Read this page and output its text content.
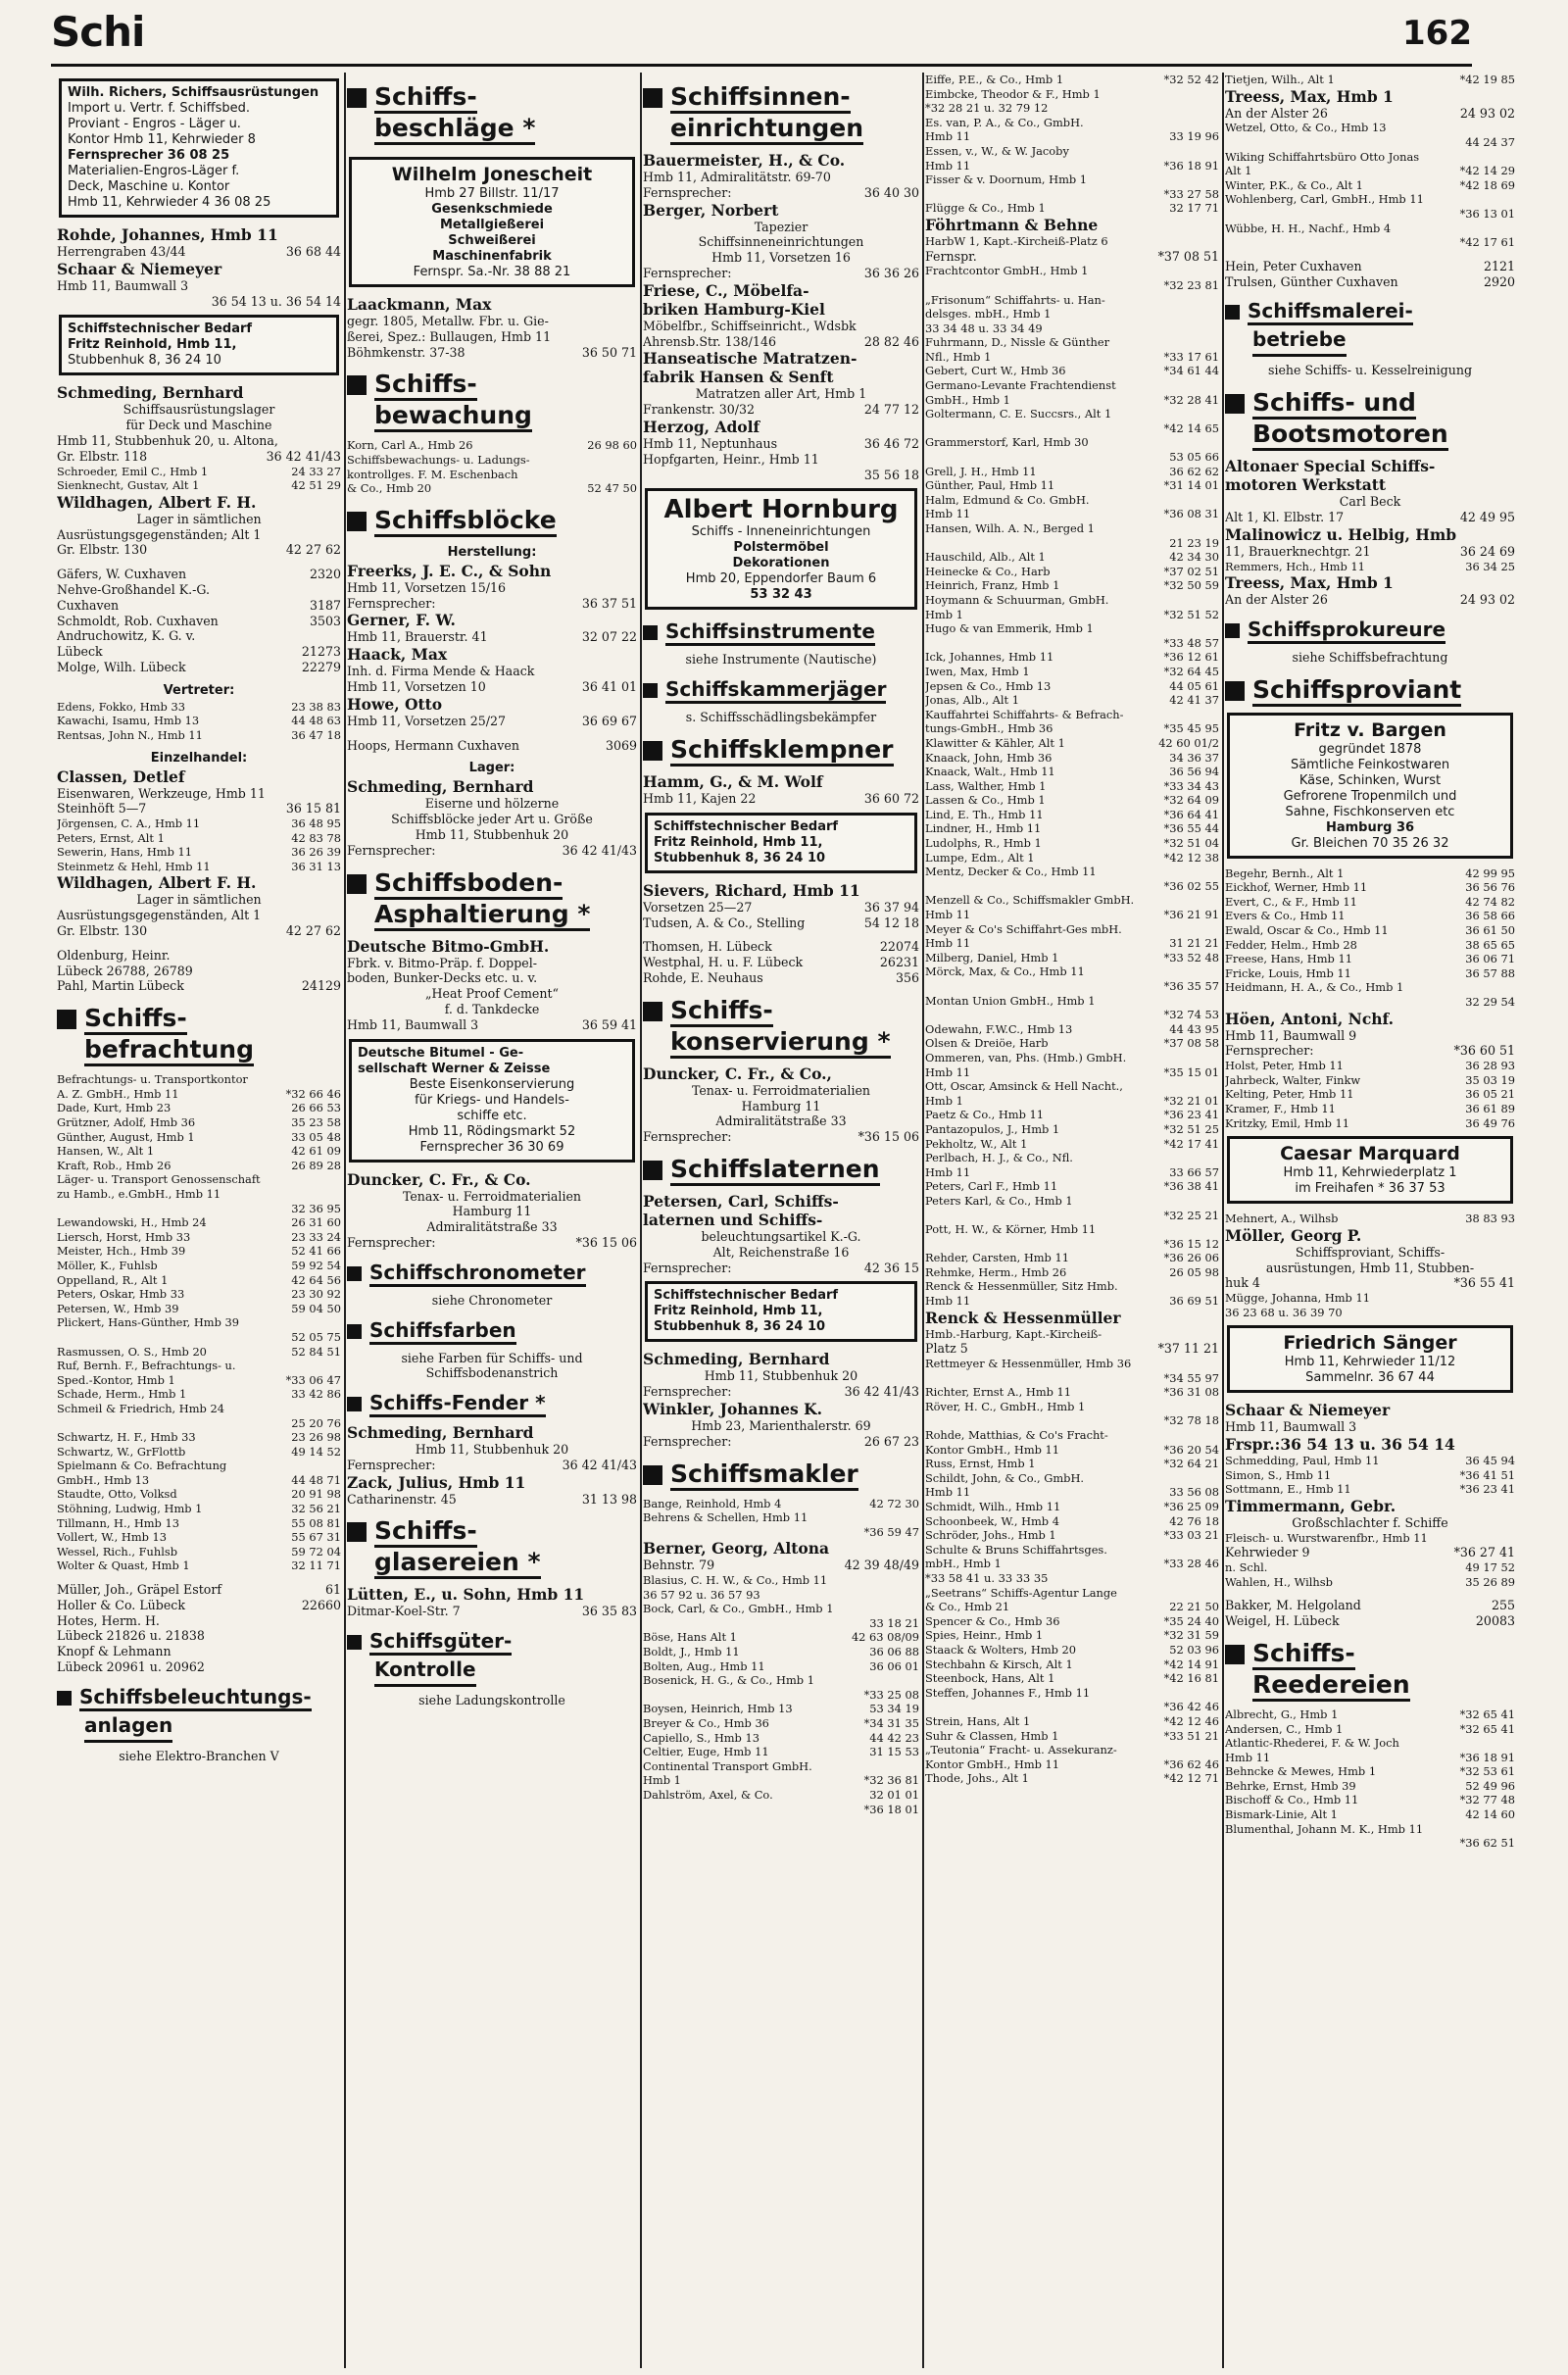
Schi	162
Wilh. Richers, Schiffsausrüstungen
Import u. Vertr. f. Schiffsbed.
Proviant - Engros - Läger u.
Kontor Hmb 11, Kehrwieder 8
Fernsprecher 36 08 25
Materialien-Engros-Läger f.
Deck, Maschine u. Kontor
Hmb 11, Kehrwieder 4 36 08 25
Rohde, Johannes, Hmb 11
Herrengraben 43/44	36 68 44
Schaar & Niemeyer
Hmb 11, Baumwall 3
36 54 13 u. 36 54 14
Schiffstechnischer Bedarf
Fritz Reinhold, Hmb 11,
Stubbenhuk 8, 36 24 10
Schmeding, Bernhard
Schiffsausrüstungslager
für Deck und Maschine
Hmb 11, Stubbenhuk 20, u. Altona,
Gr. Elbstr. 118	36 42 41/43
Schroeder, Emil C., Hmb 1	24 33 27
Sienknecht, Gustav, Alt 1	42 51 29
Wildhagen, Albert F. H.
Lager in sämtlichen
Ausrüstungsgegenständen; Alt 1
Gr. Elbstr. 130	42 27 62
Gäfers, W. Cuxhaven	2320
Nehve-Großhandel K.-G.
Cuxhaven	3187
Schmoldt, Rob. Cuxhaven	3503
Andruchowitz, K. G. v.
Lübeck	21273
Molge, Wilh. Lübeck	22279
Vertreter:
Edens, Fokko, Hmb 33	23 38 83
Kawachi, Isamu, Hmb 13	44 48 63
Rentsas, John N., Hmb 11	36 47 18
Einzelhandel:
Classen, Detlef
Eisenwaren, Werkzeuge, Hmb 11
Steinhöft 5—7	36 15 81
Jörgensen, C. A., Hmb 11	36 48 95
Peters, Ernst, Alt 1	42 83 78
Sewerin, Hans, Hmb 11	36 26 39
Steinmetz & Hehl, Hmb 11	36 31 13
Wildhagen, Albert F. H.
Lager in sämtlichen
Ausrüstungsgegenständen, Alt 1
Gr. Elbstr. 130	42 27 62
Oldenburg, Heinr.
Lübeck 26788, 26789
Pahl, Martin Lübeck	24129
Schiffs-
befrachtung
Befrachtungs- u. Transportkontor
A. Z. GmbH., Hmb 11	*32 66 46
Dade, Kurt, Hmb 23	26 66 53
Grützner, Adolf, Hmb 36	35 23 58
Günther, August, Hmb 1	33 05 48
Hansen, W., Alt 1	42 61 09
Kraft, Rob., Hmb 26	26 89 28
Läger- u. Transport Genossenschaft
zu Hamb., e.GmbH., Hmb 11
32 36 95
Lewandowski, H., Hmb 24	26 31 60
Liersch, Horst, Hmb 33	23 33 24
Meister, Hch., Hmb 39	52 41 66
Möller, K., Fuhlsb	59 92 54
Oppelland, R., Alt 1	42 64 56
Peters, Oskar, Hmb 33	23 30 92
Petersen, W., Hmb 39	59 04 50
Plickert, Hans-Günther, Hmb 39
52 05 75
Rasmussen, O. S., Hmb 20	52 84 51
Ruf, Bernh. F., Befrachtungs- u.
Sped.-Kontor, Hmb 1	*33 06 47
Schade, Herm., Hmb 1	33 42 86
Schmeil & Friedrich, Hmb 24
25 20 76
Schwartz, H. F., Hmb 33	23 26 98
Schwartz, W., GrFlottb	49 14 52
Spielmann & Co. Befrachtung
GmbH., Hmb 13	44 48 71
Staudte, Otto, Volksd	20 91 98
Stöhning, Ludwig, Hmb 1	32 56 21
Tillmann, H., Hmb 13	55 08 81
Vollert, W., Hmb 13	55 67 31
Wessel, Rich., Fuhlsb	59 72 04
Wolter & Quast, Hmb 1	32 11 71
Müller, Joh., Gräpel Estorf	61
Holler & Co. Lübeck	22660
Hotes, Herm. H.
Lübeck 21826 u. 21838
Knopf & Lehmann
Lübeck 20961 u. 20962
Schiffsbeleuchtungs-
anlagen
siehe Elektro-Branchen V
Schiffs-
beschläge *
Wilhelm Jonescheit
Hmb 27 Billstr. 11/17
Gesenkschmiede
Metallgießerei
Schweißerei
Maschinenfabrik
Fernspr. Sa.-Nr. 38 88 21
Laackmann, Max
gegr. 1805, Metallw. Fbr. u. Gie-
ßerei, Spez.: Bullaugen, Hmb 11
Böhmkenstr. 37-38	36 50 71
Schiffs-
bewachung
Korn, Carl A., Hmb 26	26 98 60
Schiffsbewachungs- u. Ladungs-
kontrollges. F. M. Eschenbach
& Co., Hmb 20	52 47 50
Schiffsblöcke
Herstellung:
Freerks, J. E. C., & Sohn
Hmb 11, Vorsetzen 15/16
Fernsprecher:	36 37 51
Gerner, F. W.
Hmb 11, Brauerstr. 41	32 07 22
Haack, Max
Inh. d. Firma Mende & Haack
Hmb 11, Vorsetzen 10	36 41 01
Howe, Otto
Hmb 11, Vorsetzen 25/27	36 69 67
Hoops, Hermann Cuxhaven	3069
Lager:
Schmeding, Bernhard
Eiserne und hölzerne
Schiffsblöcke jeder Art u. Größe
Hmb 11, Stubbenhuk 20
Fernsprecher:	36 42 41/43
Schiffsboden-
Asphaltierung *
Deutsche Bitmo-GmbH.
Fbrk. v. Bitmo-Präp. f. Doppel-
boden, Bunker-Decks etc. u. v.
„Heat Proof Cement“
f. d. Tankdecke
Hmb 11, Baumwall 3	36 59 41
Deutsche Bitumel - Ge-
sellschaft Werner & Zeisse
Beste Eisenkonservierung
für Kriegs- und Handels-
schiffe etc.
Hmb 11, Rödingsmarkt 52
Fernsprecher 36 30 69
Duncker, C. Fr., & Co.
Tenax- u. Ferroidmaterialien
Hamburg 11
Admiralitätstraße 33
Fernsprecher:	*36 15 06
Schiffschronometer
siehe Chronometer
Schiffsfarben
siehe Farben für Schiffs- und
Schiffsbodenanstrich
Schiffs-Fender *
Schmeding, Bernhard
Hmb 11, Stubbenhuk 20
Fernsprecher:	36 42 41/43
Zack, Julius, Hmb 11
Catharinenstr. 45	31 13 98
Schiffs-
glasereien *
Lütten, E., u. Sohn, Hmb 11
Ditmar-Koel-Str. 7	36 35 83
Schiffsgüter-
Kontrolle
siehe Ladungskontrolle
Schiffsinnen-
einrichtungen
Bauermeister, H., & Co.
Hmb 11, Admiralitätstr. 69-70
Fernsprecher:	36 40 30
Berger, Norbert
Tapezier
Schiffsinneneinrichtungen
Hmb 11, Vorsetzen 16
Fernsprecher:	36 36 26
Friese, C., Möbelfa-
briken Hamburg-Kiel
Möbelfbr., Schiffseinricht., Wdsbk
Ahrensb.Str. 138/146	28 82 46
Hanseatische Matratzen-
fabrik Hansen & Senft
Matratzen aller Art, Hmb 1
Frankenstr. 30/32	24 77 12
Herzog, Adolf
Hmb 11, Neptunhaus	36 46 72
Hopfgarten, Heinr., Hmb 11
35 56 18
Albert Hornburg
Schiffs - Inneneinrichtungen
Polstermöbel
Dekorationen
Hmb 20, Eppendorfer Baum 6
53 32 43
Schiffsinstrumente
siehe Instrumente (Nautische)
Schiffskammerjäger
s. Schiffsschädlingsbekämpfer
Schiffsklempner
Hamm, G., & M. Wolf
Hmb 11, Kajen 22	36 60 72
Schiffstechnischer Bedarf
Fritz Reinhold, Hmb 11,
Stubbenhuk 8, 36 24 10
Sievers, Richard, Hmb 11
Vorsetzen 25—27	36 37 94
Tudsen, A. & Co., Stelling	54 12 18
Thomsen, H. Lübeck	22074
Westphal, H. u. F. Lübeck	26231
Rohde, E. Neuhaus	356
Schiffs-
konservierung *
Duncker, C. Fr., & Co.,
Tenax- u. Ferroidmaterialien
Hamburg 11
Admiralitätstraße 33
Fernsprecher:	*36 15 06
Schiffslaternen
Petersen, Carl, Schiffs-
laternen und Schiffs-
beleuchtungsartikel K.-G.
Alt, Reichenstraße 16
Fernsprecher:	42 36 15
Schiffstechnischer Bedarf
Fritz Reinhold, Hmb 11,
Stubbenhuk 8, 36 24 10
Schmeding, Bernhard
Hmb 11, Stubbenhuk 20
Fernsprecher:	36 42 41/43
Winkler, Johannes K.
Hmb 23, Marienthalerstr. 69
Fernsprecher:	26 67 23
Schiffsmakler
Bange, Reinhold, Hmb 4	42 72 30
Behrens & Schellen, Hmb 11
*36 59 47
Berner, Georg, Altona
Behnstr. 79	42 39 48/49
Blasius, C. H. W., & Co., Hmb 11
36 57 92 u. 36 57 93
Bock, Carl, & Co., GmbH., Hmb 1
33 18 21
Böse, Hans Alt 1	42 63 08/09
Boldt, J., Hmb 11	36 06 88
Bolten, Aug., Hmb 11	36 06 01
Bosenick, H. G., & Co., Hmb 1
*33 25 08
Boysen, Heinrich, Hmb 13	53 34 19
Breyer & Co., Hmb 36	*34 31 35
Capiello, S., Hmb 13	44 42 23
Celtier, Euge, Hmb 11	31 15 53
Continental Transport GmbH.
Hmb 1	*32 36 81
Dahlström, Axel, & Co.	32 01 01
*36 18 01
Eiffe, P.E., & Co., Hmb 1	*32 52 42
Eimbcke, Theodor & F., Hmb 1
*32 28 21 u. 32 79 12
Es. van, P. A., & Co., GmbH.
Hmb 11	33 19 96
Essen, v., W., & W. Jacoby
Hmb 11	*36 18 91
Fisser & v. Doornum, Hmb 1
*33 27 58
Flügge & Co., Hmb 1	32 17 71
Föhrtmann & Behne
HarbW 1, Kapt.-Kircheiß-Platz 6
Fernspr.	*37 08 51
Frachtcontor GmbH., Hmb 1
*32 23 81
„Frisonum“ Schiffahrts- u. Han-
delsges. mbH., Hmb 1
33 34 48 u. 33 34 49
Fuhrmann, D., Nissle & Günther
Nfl., Hmb 1	*33 17 61
Gebert, Curt W., Hmb 36	*34 61 44
Germano-Levante Frachtendienst
GmbH., Hmb 1	*32 28 41
Goltermann, C. E. Succsrs., Alt 1
*42 14 65
Grammerstorf, Karl, Hmb 30
53 05 66
Grell, J. H., Hmb 11	36 62 62
Günther, Paul, Hmb 11	*31 14 01
Halm, Edmund & Co. GmbH.
Hmb 11	*36 08 31
Hansen, Wilh. A. N., Berged 1
21 23 19
Hauschild, Alb., Alt 1	42 34 30
Heinecke & Co., Harb	*37 02 51
Heinrich, Franz, Hmb 1	*32 50 59
Hoymann & Schuurman, GmbH.
Hmb 1	*32 51 52
Hugo & van Emmerik, Hmb 1
*33 48 57
Ick, Johannes, Hmb 11	*36 12 61
Iwen, Max, Hmb 1	*32 64 45
Jepsen & Co., Hmb 13	44 05 61
Jonas, Alb., Alt 1	42 41 37
Kauffahrtei Schiffahrts- & Befrach-
tungs-GmbH., Hmb 36	*35 45 95
Klawitter & Kähler, Alt 1	42 60 01/2
Knaack, John, Hmb 36	34 36 37
Knaack, Walt., Hmb 11	36 56 94
Lass, Walther, Hmb 1	*33 34 43
Lassen & Co., Hmb 1	*32 64 09
Lind, E. Th., Hmb 11	*36 64 41
Lindner, H., Hmb 11	*36 55 44
Ludolphs, R., Hmb 1	*32 51 04
Lumpe, Edm., Alt 1	*42 12 38
Mentz, Decker & Co., Hmb 11
*36 02 55
Menzell & Co., Schiffsmakler GmbH.
Hmb 11	*36 21 91
Meyer & Co's Schiffahrt-Ges mbH.
Hmb 11	31 21 21
Milberg, Daniel, Hmb 1	*33 52 48
Mörck, Max, & Co., Hmb 11
*36 35 57
Montan Union GmbH., Hmb 1
*32 74 53
Odewahn, F.W.C., Hmb 13	44 43 95
Olsen & Dreiöe, Harb	*37 08 58
Ommeren, van, Phs. (Hmb.) GmbH.
Hmb 11	*35 15 01
Ott, Oscar, Amsinck & Hell Nacht.,
Hmb 1	*32 21 01
Paetz & Co., Hmb 11	*36 23 41
Pantazopulos, J., Hmb 1	*32 51 25
Pekholtz, W., Alt 1	*42 17 41
Perlbach, H. J., & Co., Nfl.
Hmb 11	33 66 57
Peters, Carl F., Hmb 11	*36 38 41
Peters Karl, & Co., Hmb 1
*32 25 21
Pott, H. W., & Körner, Hmb 11
*36 15 12
Rehder, Carsten, Hmb 11	*36 26 06
Rehmke, Herm., Hmb 26	26 05 98
Renck & Hessenmüller, Sitz Hmb.
Hmb 11	36 69 51
Renck & Hessenmüller
Hmb.-Harburg, Kapt.-Kircheiß-
Platz 5	*37 11 21
Rettmeyer & Hessenmüller, Hmb 36
*34 55 97
Richter, Ernst A., Hmb 11	*36 31 08
Röver, H. C., GmbH., Hmb 1
*32 78 18
Rohde, Matthias, & Co's Fracht-
Kontor GmbH., Hmb 11	*36 20 54
Russ, Ernst, Hmb 1	*32 64 21
Schildt, John, & Co., GmbH.
Hmb 11	33 56 08
Schmidt, Wilh., Hmb 11	*36 25 09
Schoonbeek, W., Hmb 4	42 76 18
Schröder, Johs., Hmb 1	*33 03 21
Schulte & Bruns Schiffahrtsges.
mbH., Hmb 1	*33 28 46
*33 58 41 u. 33 33 35
„Seetrans“ Schiffs-Agentur Lange
& Co., Hmb 21	22 21 50
Spencer & Co., Hmb 36	*35 24 40
Spies, Heinr., Hmb 1	*32 31 59
Staack & Wolters, Hmb 20	52 03 96
Stechbahn & Kirsch, Alt 1	*42 14 91
Steenbock, Hans, Alt 1	*42 16 81
Steffen, Johannes F., Hmb 11
*36 42 46
Strein, Hans, Alt 1	*42 12 46
Suhr & Classen, Hmb 1	*33 51 21
„Teutonia“ Fracht- u. Assekuranz-
Kontor GmbH., Hmb 11	*36 62 46
Thode, Johs., Alt 1	*42 12 71
Tietjen, Wilh., Alt 1	*42 19 85
Treess, Max, Hmb 1
An der Alster 26	24 93 02
Wetzel, Otto, & Co., Hmb 13
44 24 37
Wiking Schiffahrtsbüro Otto Jonas
Alt 1	*42 14 29
Winter, P.K., & Co., Alt 1	*42 18 69
Wohlenberg, Carl, GmbH., Hmb 11
*36 13 01
Wübbe, H. H., Nachf., Hmb 4
*42 17 61
Hein, Peter Cuxhaven	2121
Trulsen, Günther Cuxhaven	2920
Schiffsmalerei-
betriebe
siehe Schiffs- u. Kesselreinigung
Schiffs- und
Bootsmotoren
Altonaer Special Schiffs-
motoren Werkstatt
Carl Beck
Alt 1, Kl. Elbstr. 17	42 49 95
Malinowicz u. Helbig, Hmb
11, Brauerknechtgr. 21	36 24 69
Remmers, Hch., Hmb 11	36 34 25
Treess, Max, Hmb 1
An der Alster 26	24 93 02
Schiffsprokureure
siehe Schiffsbefrachtung
Schiffsproviant
Fritz v. Bargen
gegründet 1878
Sämtliche Feinkostwaren
Käse, Schinken, Wurst
Gefrorene Tropenmilch und
Sahne, Fischkonserven etc
Hamburg 36
Gr. Bleichen 70 35 26 32
Begehr, Bernh., Alt 1	42 99 95
Eickhof, Werner, Hmb 11	36 56 76
Evert, C., & F., Hmb 11	42 74 82
Evers & Co., Hmb 11	36 58 66
Ewald, Oscar & Co., Hmb 11	36 61 50
Fedder, Helm., Hmb 28	38 65 65
Freese, Hans, Hmb 11	36 06 71
Fricke, Louis, Hmb 11	36 57 88
Heidmann, H. A., & Co., Hmb 1
32 29 54
Höen, Antoni, Nchf.
Hmb 11, Baumwall 9
Fernsprecher:	*36 60 51
Holst, Peter, Hmb 11	36 28 93
Jahrbeck, Walter, Finkw	35 03 19
Kelting, Peter, Hmb 11	36 05 21
Kramer, F., Hmb 11	36 61 89
Kritzky, Emil, Hmb 11	36 49 76
Caesar Marquard
Hmb 11, Kehrwiederplatz 1
im Freihafen * 36 37 53
Mehnert, A., Wilhsb	38 83 93
Möller, Georg P.
Schiffsproviant, Schiffs-
ausrüstungen, Hmb 11, Stubben-
huk 4	*36 55 41
Mügge, Johanna, Hmb 11
36 23 68 u. 36 39 70
Friedrich Sänger
Hmb 11, Kehrwieder 11/12
Sammelnr. 36 67 44
Schaar & Niemeyer
Hmb 11, Baumwall 3
Frspr.:36 54 13 u. 36 54 14
Schmedding, Paul, Hmb 11	36 45 94
Simon, S., Hmb 11	*36 41 51
Sottmann, E., Hmb 11	*36 23 41
Timmermann, Gebr.
Großschlachter f. Schiffe
Fleisch- u. Wurstwarenfbr., Hmb 11
Kehrwieder 9	*36 27 41
n. Schl.	49 17 52
Wahlen, H., Wilhsb	35 26 89
Bakker, M. Helgoland	255
Weigel, H. Lübeck	20083
Schiffs-
Reedereien
Albrecht, G., Hmb 1	*32 65 41
Andersen, C., Hmb 1	*32 65 41
Atlantic-Rhederei, F. & W. Joch
Hmb 11	*36 18 91
Behncke & Mewes, Hmb 1	*32 53 61
Behrke, Ernst, Hmb 39	52 49 96
Bischoff & Co., Hmb 11	*32 77 48
Bismark-Linie, Alt 1	42 14 60
Blumenthal, Johann M. K., Hmb 11
*36 62 51
